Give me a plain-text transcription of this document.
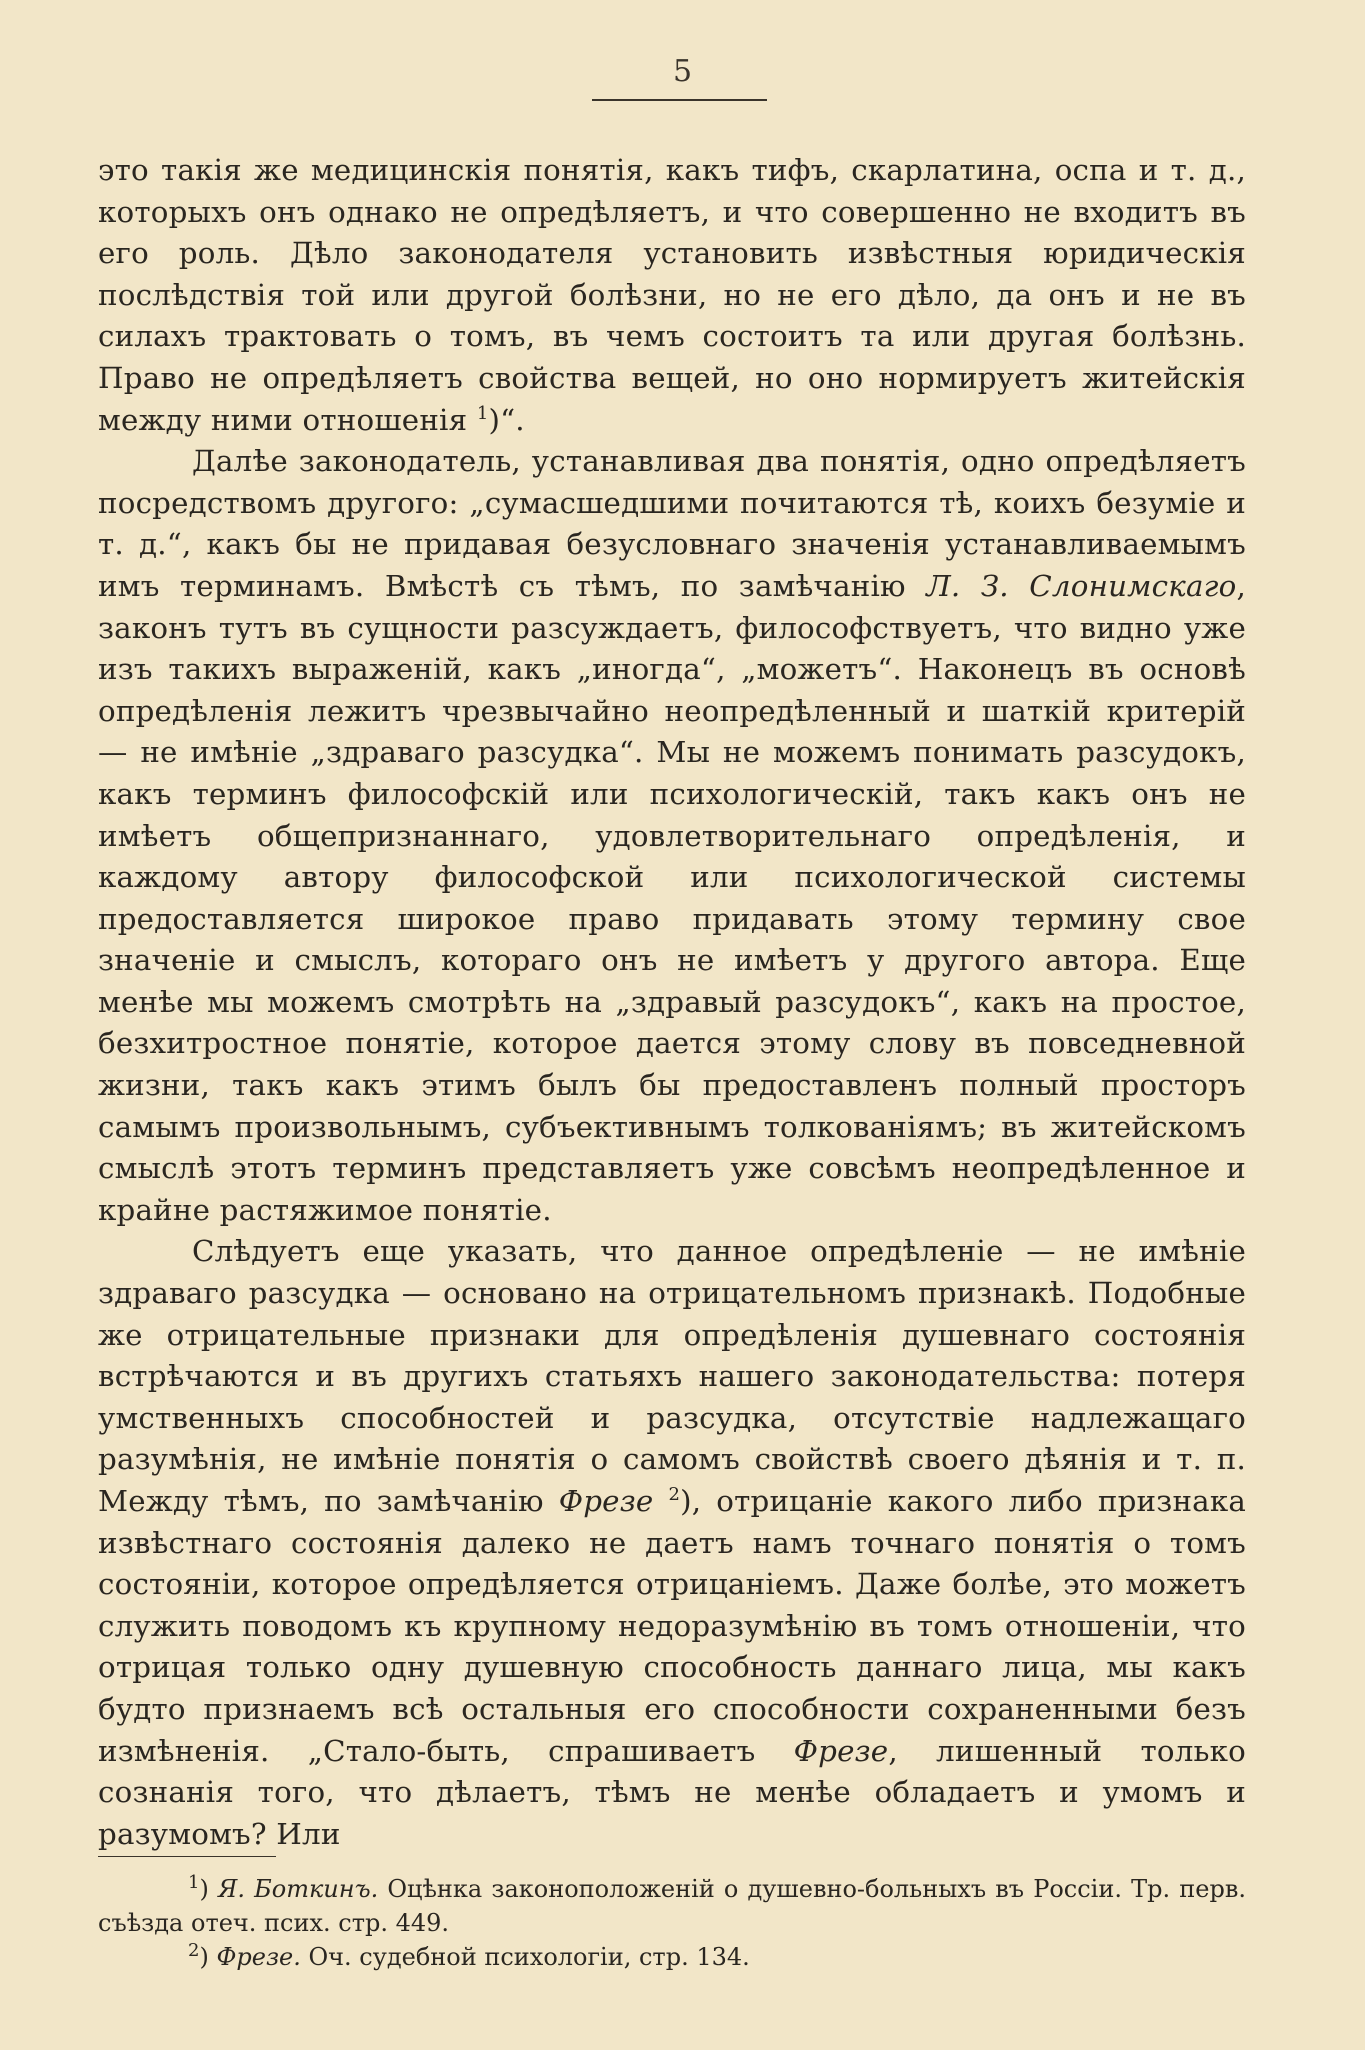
5

это такія же медицинскія понятія, какъ тифъ, скарлатина, оспа и т. д., которыхъ онъ однако не опредѣляетъ, и что совершенно не входитъ въ его роль. Дѣло законодателя установить извѣстныя юридическія послѣдствія той или другой болѣзни, но не его дѣло, да онъ и не въ силахъ трактовать о томъ, въ чемъ состоитъ та или другая болѣзнь. Право не опредѣляетъ свойства вещей, но оно нормируетъ житейскія между ними отношенія $^1$)“.

Далѣе законодатель, устанавливая два понятія, одно опредѣляетъ посредствомъ другого: „сумасшедшими почитаются тѣ, коихъ безуміе и т. д.“, какъ бы не придавая безусловнаго значенія устанавливаемымъ имъ терминамъ. Вмѣстѣ съ тѣмъ, по замѣчанію Л. З. Слонимскаго, законъ тутъ въ сущности разсуждаетъ, философствуетъ, что видно уже изъ такихъ выраженій, какъ „иногда“, „можетъ“. Наконецъ въ основѣ опредѣленія лежитъ чрезвычайно неопредѣленный и шаткій критерій — не имѣніе „здраваго разсудка“. Мы не можемъ понимать разсудокъ, какъ терминъ философскій или психологическій, такъ какъ онъ не имѣетъ общепризнаннаго, удовлетворительнаго опредѣленія, и каждому автору философской или психологической системы предоставляется широкое право придавать этому термину свое значеніе и смыслъ, котораго онъ не имѣетъ у другого автора. Еще менѣе мы можемъ смотрѣть на „здравый разсудокъ“, какъ на простое, безхитростное понятіе, которое дается этому слову въ повседневной жизни, такъ какъ этимъ былъ бы предоставленъ полный просторъ самымъ произвольнымъ, субъективнымъ толкованіямъ; въ житейскомъ смыслѣ этотъ терминъ представляетъ уже совсѣмъ неопредѣленное и крайне растяжимое понятіе.

Слѣдуетъ еще указать, что данное опредѣленіе — не имѣніе здраваго разсудка — основано на отрицательномъ признакѣ. Подобные же отрицательные признаки для опредѣленія душевнаго состоянія встрѣчаются и въ другихъ статьяхъ нашего законодательства: потеря умственныхъ способностей и разсудка, отсутствіе надлежащаго разумѣнія, не имѣніе понятія о самомъ свойствѣ своего дѣянія и т. п. Между тѣмъ, по замѣчанію Фрезе $^2$), отрицаніе какого либо признака извѣстнаго состоянія далеко не даетъ намъ точнаго понятія о томъ состояніи, которое опредѣляется отрицаніемъ. Даже болѣе, это можетъ служить поводомъ къ крупному недоразумѣнію въ томъ отношеніи, что отрицая только одну душевную способность даннаго лица, мы какъ будто признаемъ всѣ остальныя его способности сохраненными безъ измѣненія. „Стало-быть, спрашиваетъ Фрезе, лишенный только сознанія того, что дѣлаетъ, тѣмъ не менѣе обладаетъ и умомъ и разумомъ? Или

$^1$) Я. Боткинъ. Оцѣнка законоположеній о душевно-больныхъ въ Россіи. Тр. перв. съѣзда отеч. псих. стр. 449.

$^2$) Фрезе. Оч. судебной психологіи, стр. 134.
